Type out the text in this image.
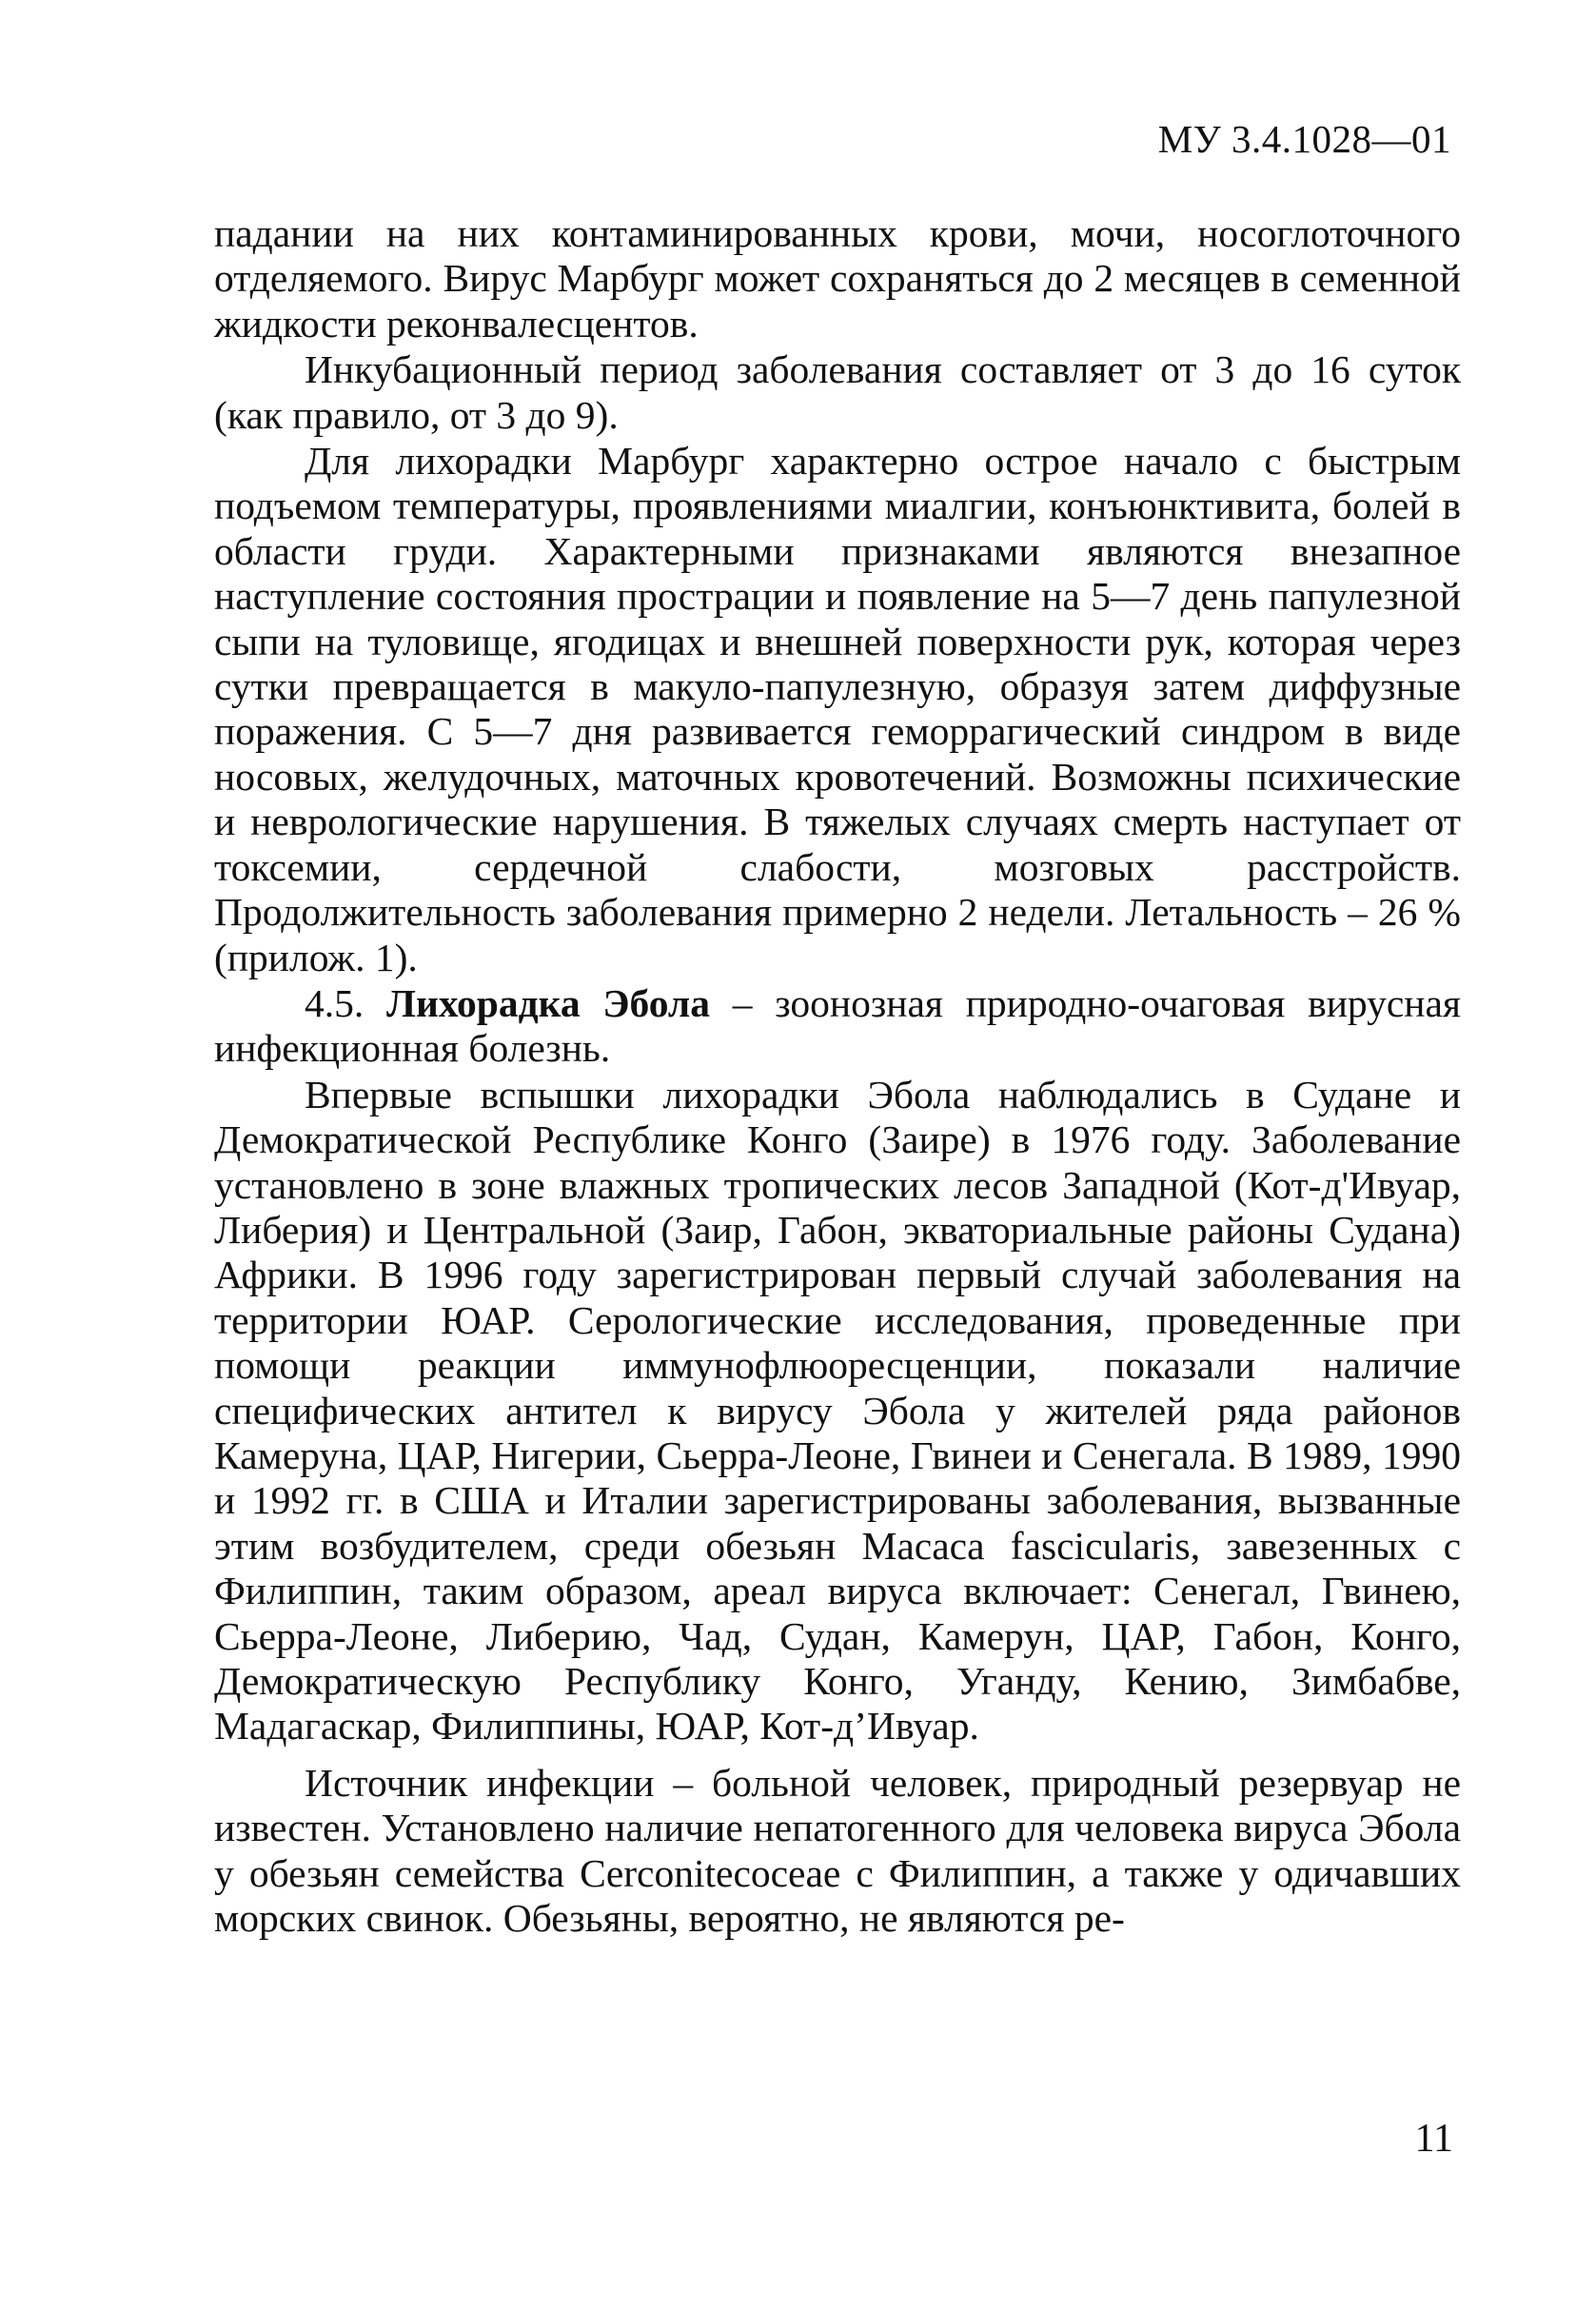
МУ 3.4.1028—01

падании на них контаминированных крови, мочи, носоглоточного отделяемого. Вирус Марбург может сохраняться до 2 месяцев в семенной жидкости реконвалесцентов.

Инкубационный период заболевания составляет от 3 до 16 суток (как правило, от 3 до 9).

Для лихорадки Марбург характерно острое начало с быстрым подъемом температуры, проявлениями миалгии, конъюнктивита, болей в области груди. Характерными признаками являются внезапное наступление состояния прострации и появление на 5—7 день папулезной сыпи на туловище, ягодицах и внешней поверхности рук, которая через сутки превращается в макуло-папулезную, образуя затем диффузные поражения. С 5—7 дня развивается геморрагический синдром в виде носовых, желудочных, маточных кровотечений. Возможны психические и неврологические нарушения. В тяжелых случаях смерть наступает от токсемии, сердечной слабости, мозговых расстройств. Продолжительность заболевания примерно 2 недели. Летальность – 26 % (прилож. 1).

4.5. Лихорадка Эбола – зоонозная природно-очаговая вирусная инфекционная болезнь.

Впервые вспышки лихорадки Эбола наблюдались в Судане и Демократической Республике Конго (Заире) в 1976 году. Заболевание установлено в зоне влажных тропических лесов Западной (Кот-д'Ивуар, Либерия) и Центральной (Заир, Габон, экваториальные районы Судана) Африки. В 1996 году зарегистрирован первый случай заболевания на территории ЮАР. Серологические исследования, проведенные при помощи реакции иммунофлюоресценции, показали наличие специфических антител к вирусу Эбола у жителей ряда районов Камеруна, ЦАР, Нигерии, Сьерра-Леоне, Гвинеи и Сенегала. В 1989, 1990 и 1992 гг. в США и Италии зарегистрированы заболевания, вызванные этим возбудителем, среди обезьян Macaca fascicularis, завезенных с Филиппин, таким образом, ареал вируса включает: Сенегал, Гвинею, Сьерра-Леоне, Либерию, Чад, Судан, Камерун, ЦАР, Габон, Конго, Демократическую Республику Конго, Уганду, Кению, Зимбабве, Мадагаскар, Филиппины, ЮАР, Кот-д’Ивуар.

Источник инфекции – больной человек, природный резервуар не известен. Установлено наличие непатогенного для человека вируса Эбола у обезьян семейства Cerconitecoceae с Филиппин, а также у одичавших морских свинок. Обезьяны, вероятно, не являются ре-

11
